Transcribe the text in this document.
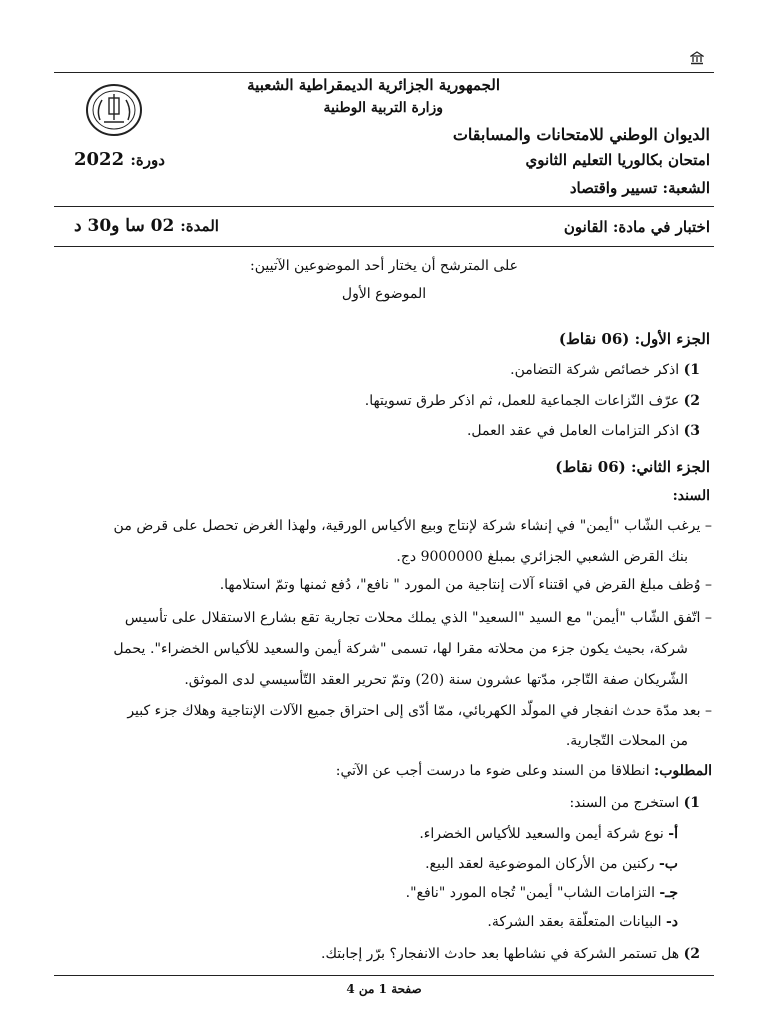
الجمهورية الجزائرية الديمقراطية الشعبية
وزارة التربية الوطنية
الديوان الوطني للامتحانات والمسابقات
امتحان بكالوريا التعليم الثانوي
دورة: 2022
الشعبة: تسيير واقتصاد
اختبار في مادة: القانون
المدة: 02 سا و30 د
على المترشح أن يختار أحد الموضوعين الآتيين:
الموضوع الأول
الجزء الأول: (06 نقاط)
1) اذكر خصائص شركة التضامن.
2) عرّف النّزاعات الجماعية للعمل، ثم اذكر طرق تسويتها.
3) اذكر التزامات العامل في عقد العمل.
الجزء الثاني: (06 نقاط)
السند:
– يرغب الشّاب "أيمن" في إنشاء شركة لإنتاج وبيع الأكياس الورقية، ولهذا الغرض تحصل على قرض من
بنك القرض الشعبي الجزائري بمبلغ 9000000 دج.
– وُظف مبلغ القرض في اقتناء آلات إنتاجية من المورد " نافع"، دُفع ثمنها وتمّ استلامها.
– اتّفق الشّاب "أيمن" مع السيد "السعيد" الذي يملك محلات تجارية تقع بشارع الاستقلال على تأسيس
شركة، بحيث يكون جزء من محلاته مقرا لها، تسمى "شركة أيمن والسعيد للأكياس الخضراء". يحمل
الشّريكان صفة التّاجر، مدّتها عشرون سنة (20) وتمّ تحرير العقد التّأسيسي لدى الموثق.
– بعد مدّة حدث انفجار في المولّد الكهربائي، ممّا أدّى إلى احتراق جميع الآلات الإنتاجية وهلاك جزء كبير
من المحلات التّجارية.
المطلوب: انطلاقا من السند وعلى ضوء ما درست أجب عن الآتي:
1) استخرج من السند:
أ- نوع شركة أيمن والسعيد للأكياس الخضراء.
ب- ركنين من الأركان الموضوعية لعقد البيع.
جـ- التزامات الشاب" أيمن" تُجاه المورد "نافع".
د- البيانات المتعلّقة بعقد الشركة.
2) هل تستمر الشركة في نشاطها بعد حادث الانفجار؟ برّر إجابتك.
صفحة 1 من 4
